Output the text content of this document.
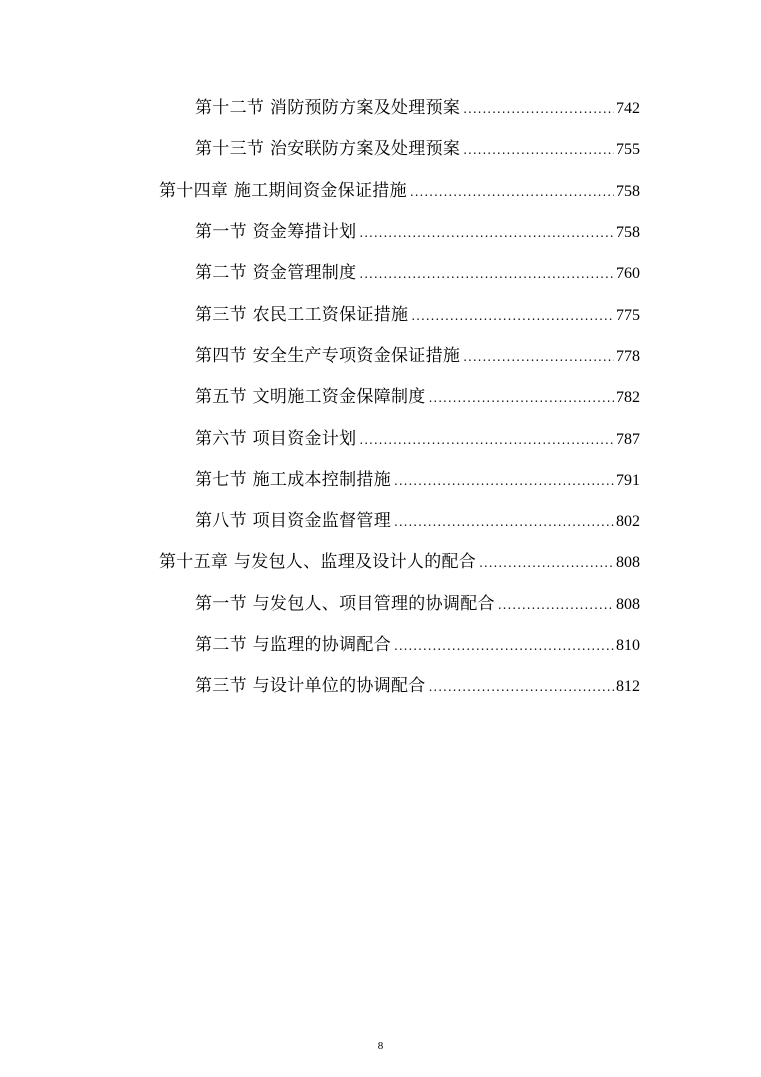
第十二节 消防预防方案及处理预案 .....	742
第十三节 治安联防方案及处理预案 .....	755
第十四章 施工期间资金保证措施 .....	758
第一节 资金筹措计划 .....	758
第二节 资金管理制度 .....	760
第三节 农民工工资保证措施 .....	775
第四节 安全生产专项资金保证措施 .....	778
第五节 文明施工资金保障制度 .....	782
第六节 项目资金计划 .....	787
第七节 施工成本控制措施 .....	791
第八节 项目资金监督管理 .....	802
第十五章 与发包人、监理及设计人的配合 .....	808
第一节 与发包人、项目管理的协调配合 .....	808
第二节 与监理的协调配合 .....	810
第三节 与设计单位的协调配合 .....	812
8
